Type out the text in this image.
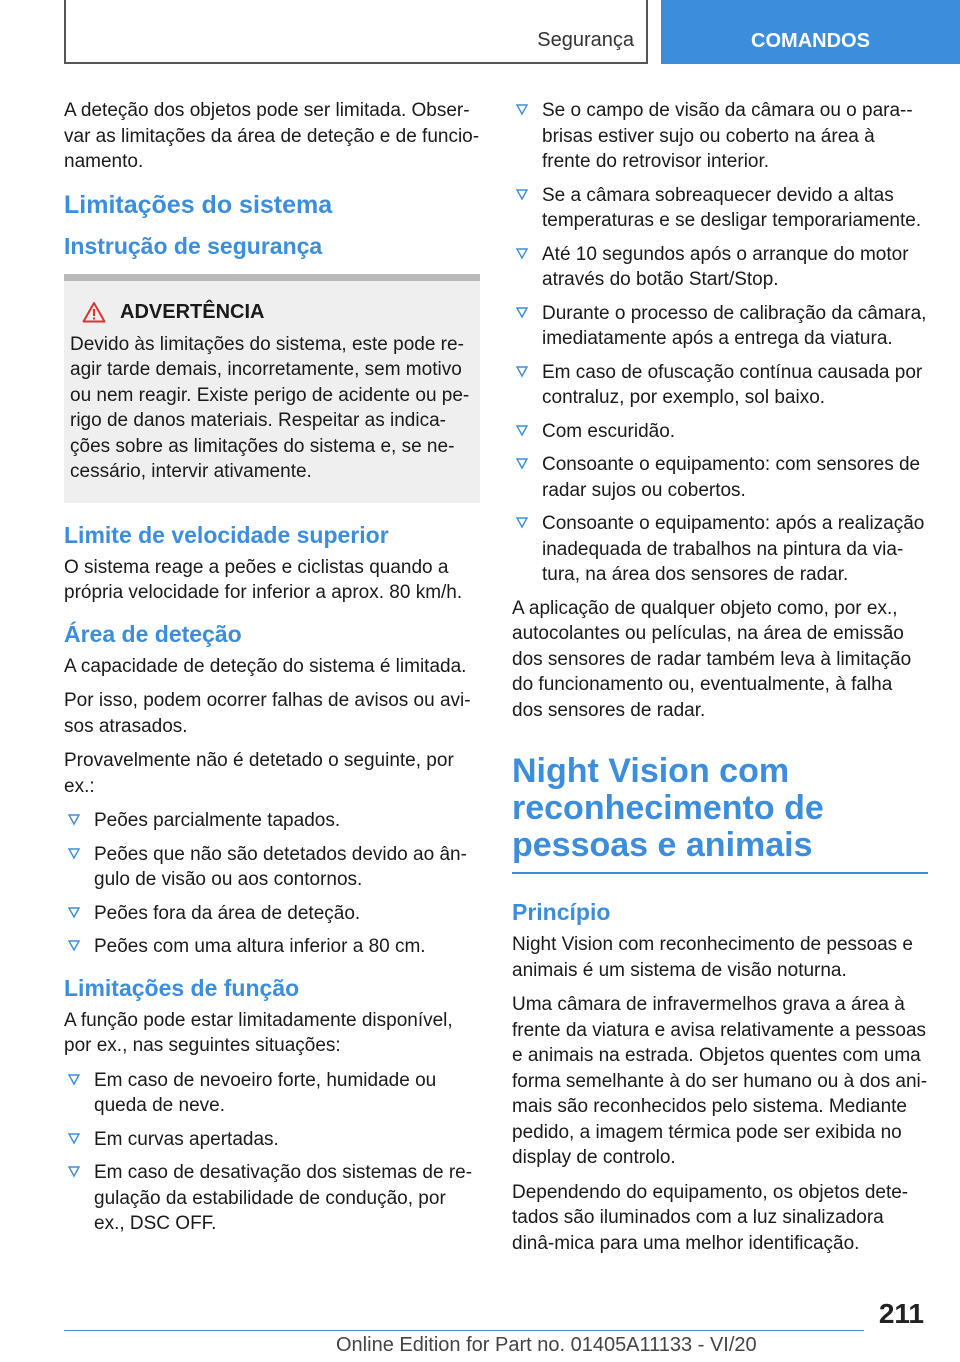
Segurança	COMANDOS

A deteção dos objetos pode ser limitada. Obser-var as limitações da área de deteção e de funcio-namento.

Limitações do sistema
Instrução de segurança
ADVERTÊNCIA

Devido às limitações do sistema, este pode re-agir tarde demais, incorretamente, sem motivo ou nem reagir. Existe perigo de acidente ou pe-rigo de danos materiais. Respeitar as indica-ções sobre as limitações do sistema e, se ne-cessário, intervir ativamente.

Limite de velocidade superior

O sistema reage a peões e ciclistas quando a própria velocidade for inferior a aprox. 80 km/h.

Área de deteção

A capacidade de deteção do sistema é limitada.

Por isso, podem ocorrer falhas de avisos ou avi-sos atrasados.

Provavelmente não é detetado o seguinte, por ex.:

Peões parcialmente tapados.
Peões que não são detetados devido ao ân-gulo de visão ou aos contornos.
Peões fora da área de deteção.
Peões com uma altura inferior a 80 cm.
Limitações de função

A função pode estar limitadamente disponível, por ex., nas seguintes situações:

Em caso de nevoeiro forte, humidade ou queda de neve.
Em curvas apertadas.
Em caso de desativação dos sistemas de re-gulação da estabilidade de condução, por ex., DSC OFF.
Se o campo de visão da câmara ou o para--brisas estiver sujo ou coberto na área à frente do retrovisor interior.
Se a câmara sobreaquecer devido a altas temperaturas e se desligar temporariamente.
Até 10 segundos após o arranque do motor através do botão Start/Stop.
Durante o processo de calibração da câmara, imediatamente após a entrega da viatura.
Em caso de ofuscação contínua causada por contraluz, por exemplo, sol baixo.
Com escuridão.
Consoante o equipamento: com sensores de radar sujos ou cobertos.
Consoante o equipamento: após a realização inadequada de trabalhos na pintura da via-tura, na área dos sensores de radar.

A aplicação de qualquer objeto como, por ex., autocolantes ou películas, na área de emissão dos sensores de radar também leva à limitação do funcionamento ou, eventualmente, à falha dos sensores de radar.

Night Vision com reconhecimento de pessoas e animais
Princípio

Night Vision com reconhecimento de pessoas e animais é um sistema de visão noturna.

Uma câmara de infravermelhos grava a área à frente da viatura e avisa relativamente a pessoas e animais na estrada. Objetos quentes com uma forma semelhante à do ser humano ou à dos ani-mais são reconhecidos pelo sistema. Mediante pedido, a imagem térmica pode ser exibida no display de controlo.

Dependendo do equipamento, os objetos dete-tados são iluminados com a luz sinalizadora dinâ-mica para uma melhor identificação.

211
Online Edition for Part no. 01405A11133 - VI/20
